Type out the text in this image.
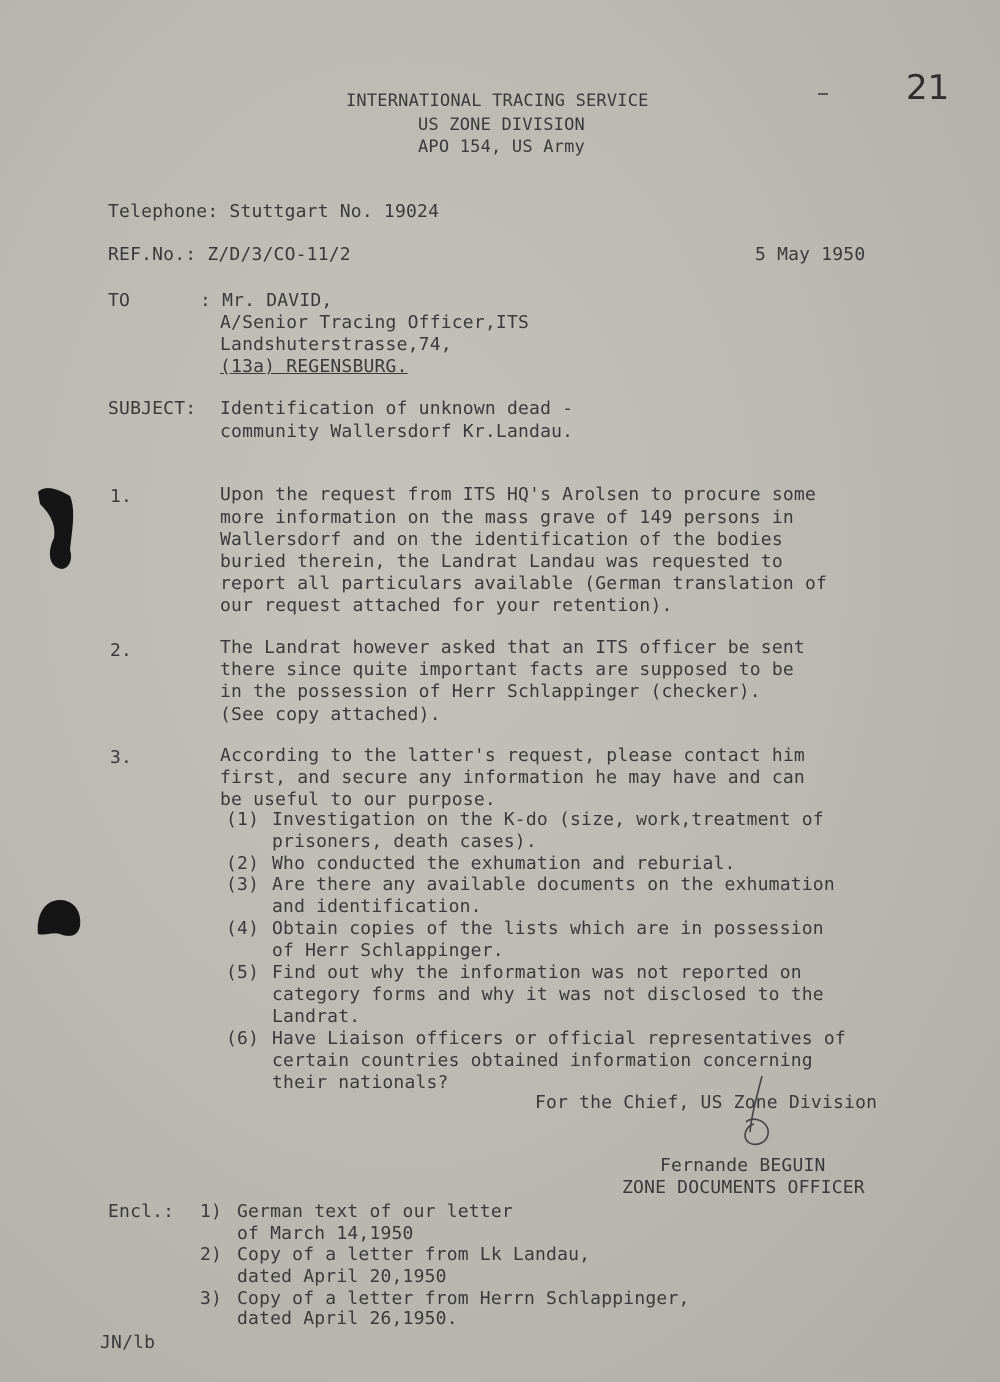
21
INTERNATIONAL TRACING SERVICE
US ZONE DIVISION
APO 154, US Army
Telephone: Stuttgart No. 19024
REF.No.: Z/D/3/CO-11/2	5 May 1950
TO	: Mr. DAVID,
A/Senior Tracing Officer,ITS
Landshuterstrasse,74,
(13a) REGENSBURG.
SUBJECT: Identification of unknown dead -
community Wallersdorf Kr.Landau.
1.	Upon the request from ITS HQ's Arolsen to procure some
more information on the mass grave of 149 persons in
Wallersdorf and on the identification of the bodies
buried therein, the Landrat Landau was requested to
report all particulars available (German translation of
our request attached for your retention).
2.	The Landrat however asked that an ITS officer be sent
there since quite important facts are supposed to be
in the possession of Herr Schlappinger (checker).
(See copy attached).
3.	According to the latter's request, please contact him
first, and secure any information he may have and can
be useful to our purpose.
(1) Investigation on the K-do (size, work,treatment of
prisoners, death cases).
(2) Who conducted the exhumation and reburial.
(3) Are there any available documents on the exhumation
and identification.
(4) Obtain copies of the lists which are in possession
of Herr Schlappinger.
(5) Find out why the information was not reported on
category forms and why it was not disclosed to the
Landrat.
(6) Have Liaison officers or official representatives of
certain countries obtained information concerning
their nationals?
For the Chief, US Zone Division
Fernande BEGUIN
ZONE DOCUMENTS OFFICER
Encl.: 1) German text of our letter
of March 14,1950
2) Copy of a letter from Lk Landau,
dated April 20,1950
3) Copy of a letter from Herrn Schlappinger,
dated April 26,1950.
JN/lb
